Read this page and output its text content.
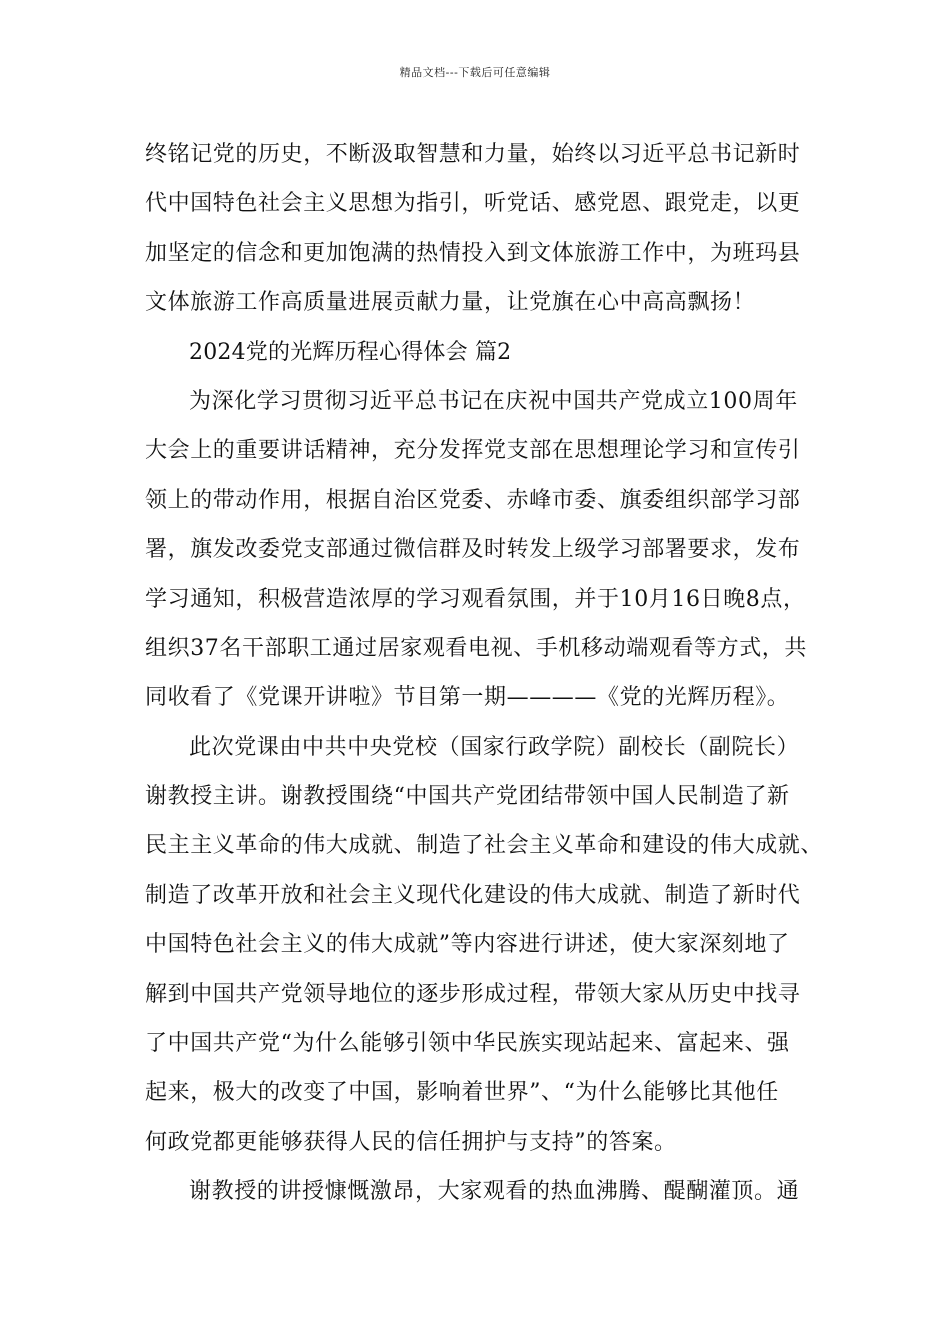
精品文档---下载后可任意编辑
终铭记党的历史，不断汲取智慧和力量，始终以习近平总书记新时
代中国特色社会主义思想为指引，听党话、感党恩、跟党走，以更
加坚定的信念和更加饱满的热情投入到文体旅游工作中，为班玛县
文体旅游工作高质量进展贡献力量，让党旗在心中高高飘扬！
2024党的光辉历程心得体会 篇2
为深化学习贯彻习近平总书记在庆祝中国共产党成立100周年
大会上的重要讲话精神，充分发挥党支部在思想理论学习和宣传引
领上的带动作用，根据自治区党委、赤峰市委、旗委组织部学习部
署，旗发改委党支部通过微信群及时转发上级学习部署要求，发布
学习通知，积极营造浓厚的学习观看氛围，并于10月16日晚8点，
组织37名干部职工通过居家观看电视、手机移动端观看等方式，共
同收看了《党课开讲啦》节目第一期————《党的光辉历程》。
此次党课由中共中央党校（国家行政学院）副校长（副院长）
谢教授主讲。谢教授围绕“中国共产党团结带领中国人民制造了新
民主主义革命的伟大成就、制造了社会主义革命和建设的伟大成就、
制造了改革开放和社会主义现代化建设的伟大成就、制造了新时代
中国特色社会主义的伟大成就”等内容进行讲述，使大家深刻地了
解到中国共产党领导地位的逐步形成过程，带领大家从历史中找寻
了中国共产党“为什么能够引领中华民族实现站起来、富起来、强
起来，极大的改变了中国，影响着世界”、“为什么能够比其他任
何政党都更能够获得人民的信任拥护与支持”的答案。
谢教授的讲授慷慨激昂，大家观看的热血沸腾、醍醐灌顶。通
